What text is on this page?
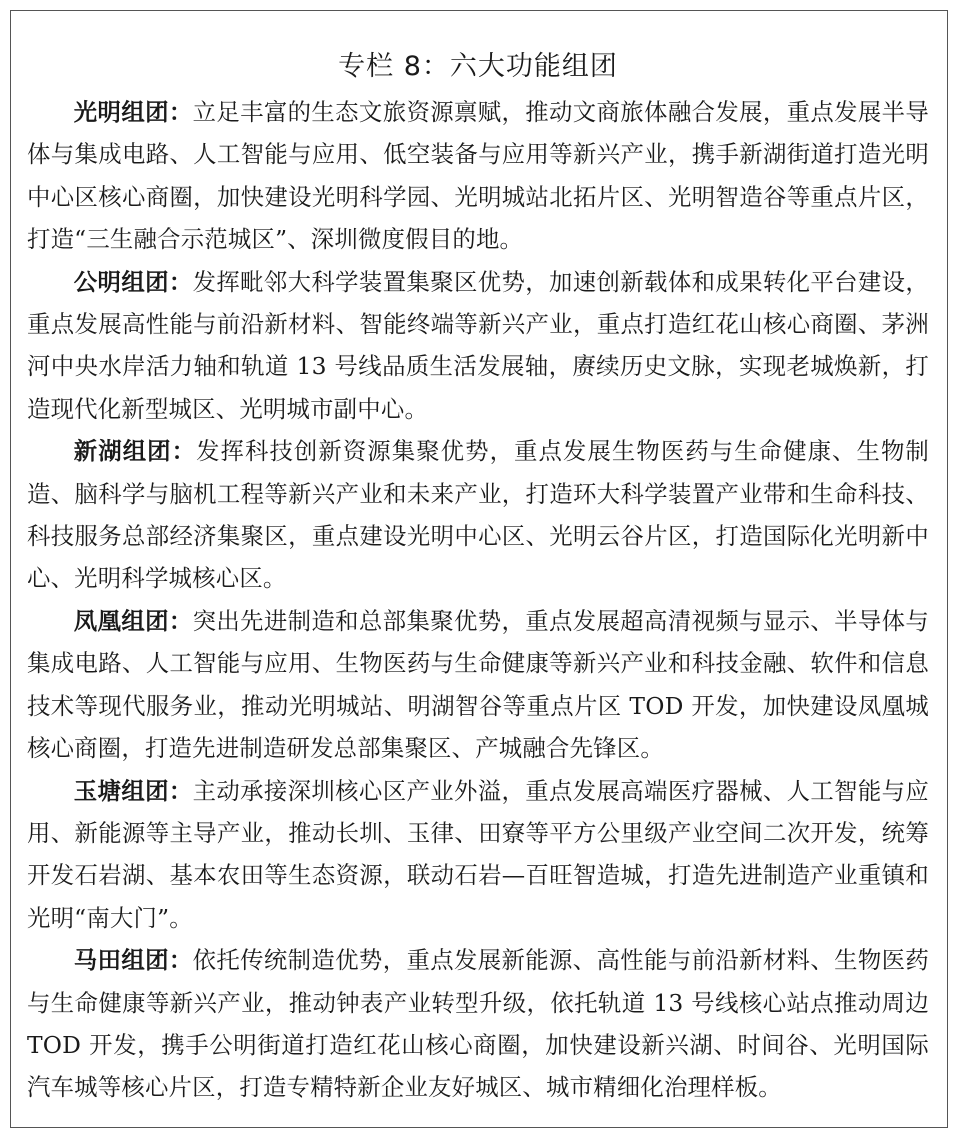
专栏 8：六大功能组团

光明组团：立足丰富的生态文旅资源禀赋，推动文商旅体融合发展，重点发展半导体与集成电路、人工智能与应用、低空装备与应用等新兴产业，携手新湖街道打造光明中心区核心商圈，加快建设光明科学园、光明城站北拓片区、光明智造谷等重点片区，打造“三生融合示范城区”、深圳微度假目的地。

公明组团：发挥毗邻大科学装置集聚区优势，加速创新载体和成果转化平台建设，重点发展高性能与前沿新材料、智能终端等新兴产业，重点打造红花山核心商圈、茅洲河中央水岸活力轴和轨道 13 号线品质生活发展轴，赓续历史文脉，实现老城焕新，打造现代化新型城区、光明城市副中心。

新湖组团：发挥科技创新资源集聚优势，重点发展生物医药与生命健康、生物制造、脑科学与脑机工程等新兴产业和未来产业，打造环大科学装置产业带和生命科技、科技服务总部经济集聚区，重点建设光明中心区、光明云谷片区，打造国际化光明新中心、光明科学城核心区。

凤凰组团：突出先进制造和总部集聚优势，重点发展超高清视频与显示、半导体与集成电路、人工智能与应用、生物医药与生命健康等新兴产业和科技金融、软件和信息技术等现代服务业，推动光明城站、明湖智谷等重点片区 TOD 开发，加快建设凤凰城核心商圈，打造先进制造研发总部集聚区、产城融合先锋区。

玉塘组团：主动承接深圳核心区产业外溢，重点发展高端医疗器械、人工智能与应用、新能源等主导产业，推动长圳、玉律、田寮等平方公里级产业空间二次开发，统筹开发石岩湖、基本农田等生态资源，联动石岩—百旺智造城，打造先进制造产业重镇和光明“南大门”。

马田组团：依托传统制造优势，重点发展新能源、高性能与前沿新材料、生物医药与生命健康等新兴产业，推动钟表产业转型升级，依托轨道 13 号线核心站点推动周边 TOD 开发，携手公明街道打造红花山核心商圈，加快建设新兴湖、时间谷、光明国际汽车城等核心片区，打造专精特新企业友好城区、城市精细化治理样板。
